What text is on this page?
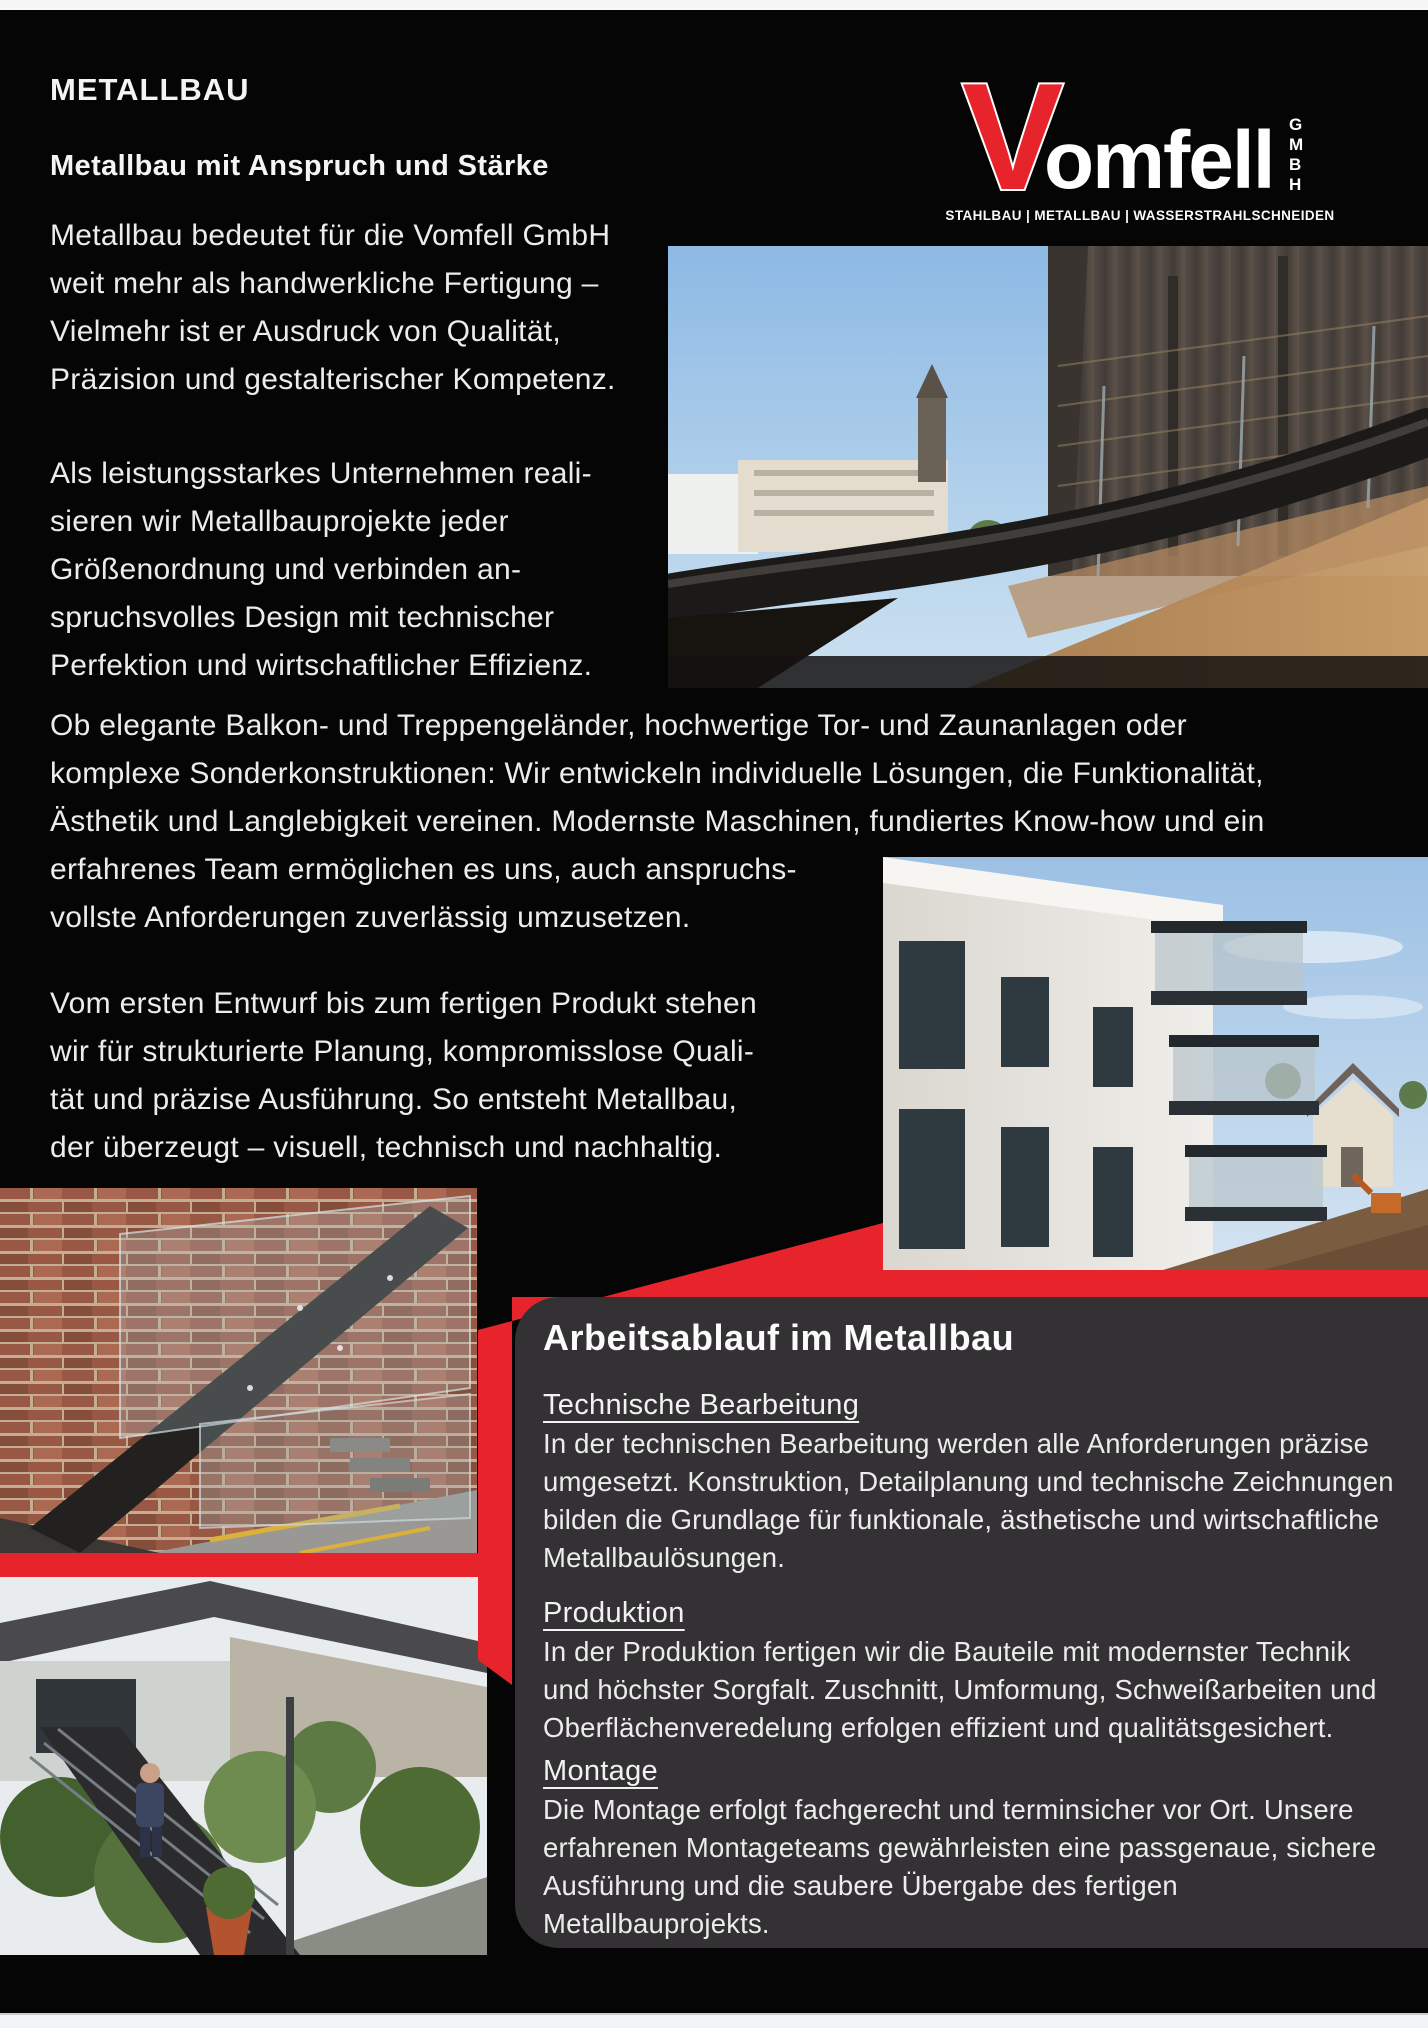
METALLBAU
Metallbau mit Anspruch und Stärke
Metallbau bedeutet für die Vomfell GmbH
weit mehr als handwerkliche Fertigung –
Vielmehr ist er Ausdruck von Qualität,
Präzision und gestalterischer Kompetenz.
Als leistungsstarkes Unternehmen reali-
sieren wir Metallbauprojekte jeder
Größenordnung und verbinden an-
spruchsvolles Design mit technischer
Perfektion und wirtschaftlicher Effizienz.
Ob elegante Balkon- und Treppengeländer, hochwertige Tor- und Zaunanlagen oder
komplexe Sonderkonstruktionen: Wir entwickeln individuelle Lösungen, die Funktionalität,
Ästhetik und Langlebigkeit vereinen. Modernste Maschinen, fundiertes Know-how und ein
erfahrenes Team ermöglichen es uns, auch anspruchs-
vollste Anforderungen zuverlässig umzusetzen.
Vom ersten Entwurf bis zum fertigen Produkt stehen
wir für strukturierte Planung, kompromisslose Quali-
tät und präzise Ausführung. So entsteht Metallbau,
der überzeugt – visuell, technisch und nachhaltig.
V
omfell G
M
B
H
STAHLBAU | METALLBAU | WASSERSTRAHLSCHNEIDEN
Arbeitsablauf im Metallbau
Technische Bearbeitung
In der technischen Bearbeitung werden alle Anforderungen präzise
umgesetzt. Konstruktion, Detailplanung und technische Zeichnungen
bilden die Grundlage für funktionale, ästhetische und wirtschaftliche
Metallbaulösungen.
Produktion
In der Produktion fertigen wir die Bauteile mit modernster Technik
und höchster Sorgfalt. Zuschnitt, Umformung, Schweißarbeiten und
Oberflächenveredelung erfolgen effizient und qualitätsgesichert.
Montage
Die Montage erfolgt fachgerecht und terminsicher vor Ort. Unsere
erfahrenen Montageteams gewährleisten eine passgenaue, sichere
Ausführung und die saubere Übergabe des fertigen
Metallbauprojekts.
